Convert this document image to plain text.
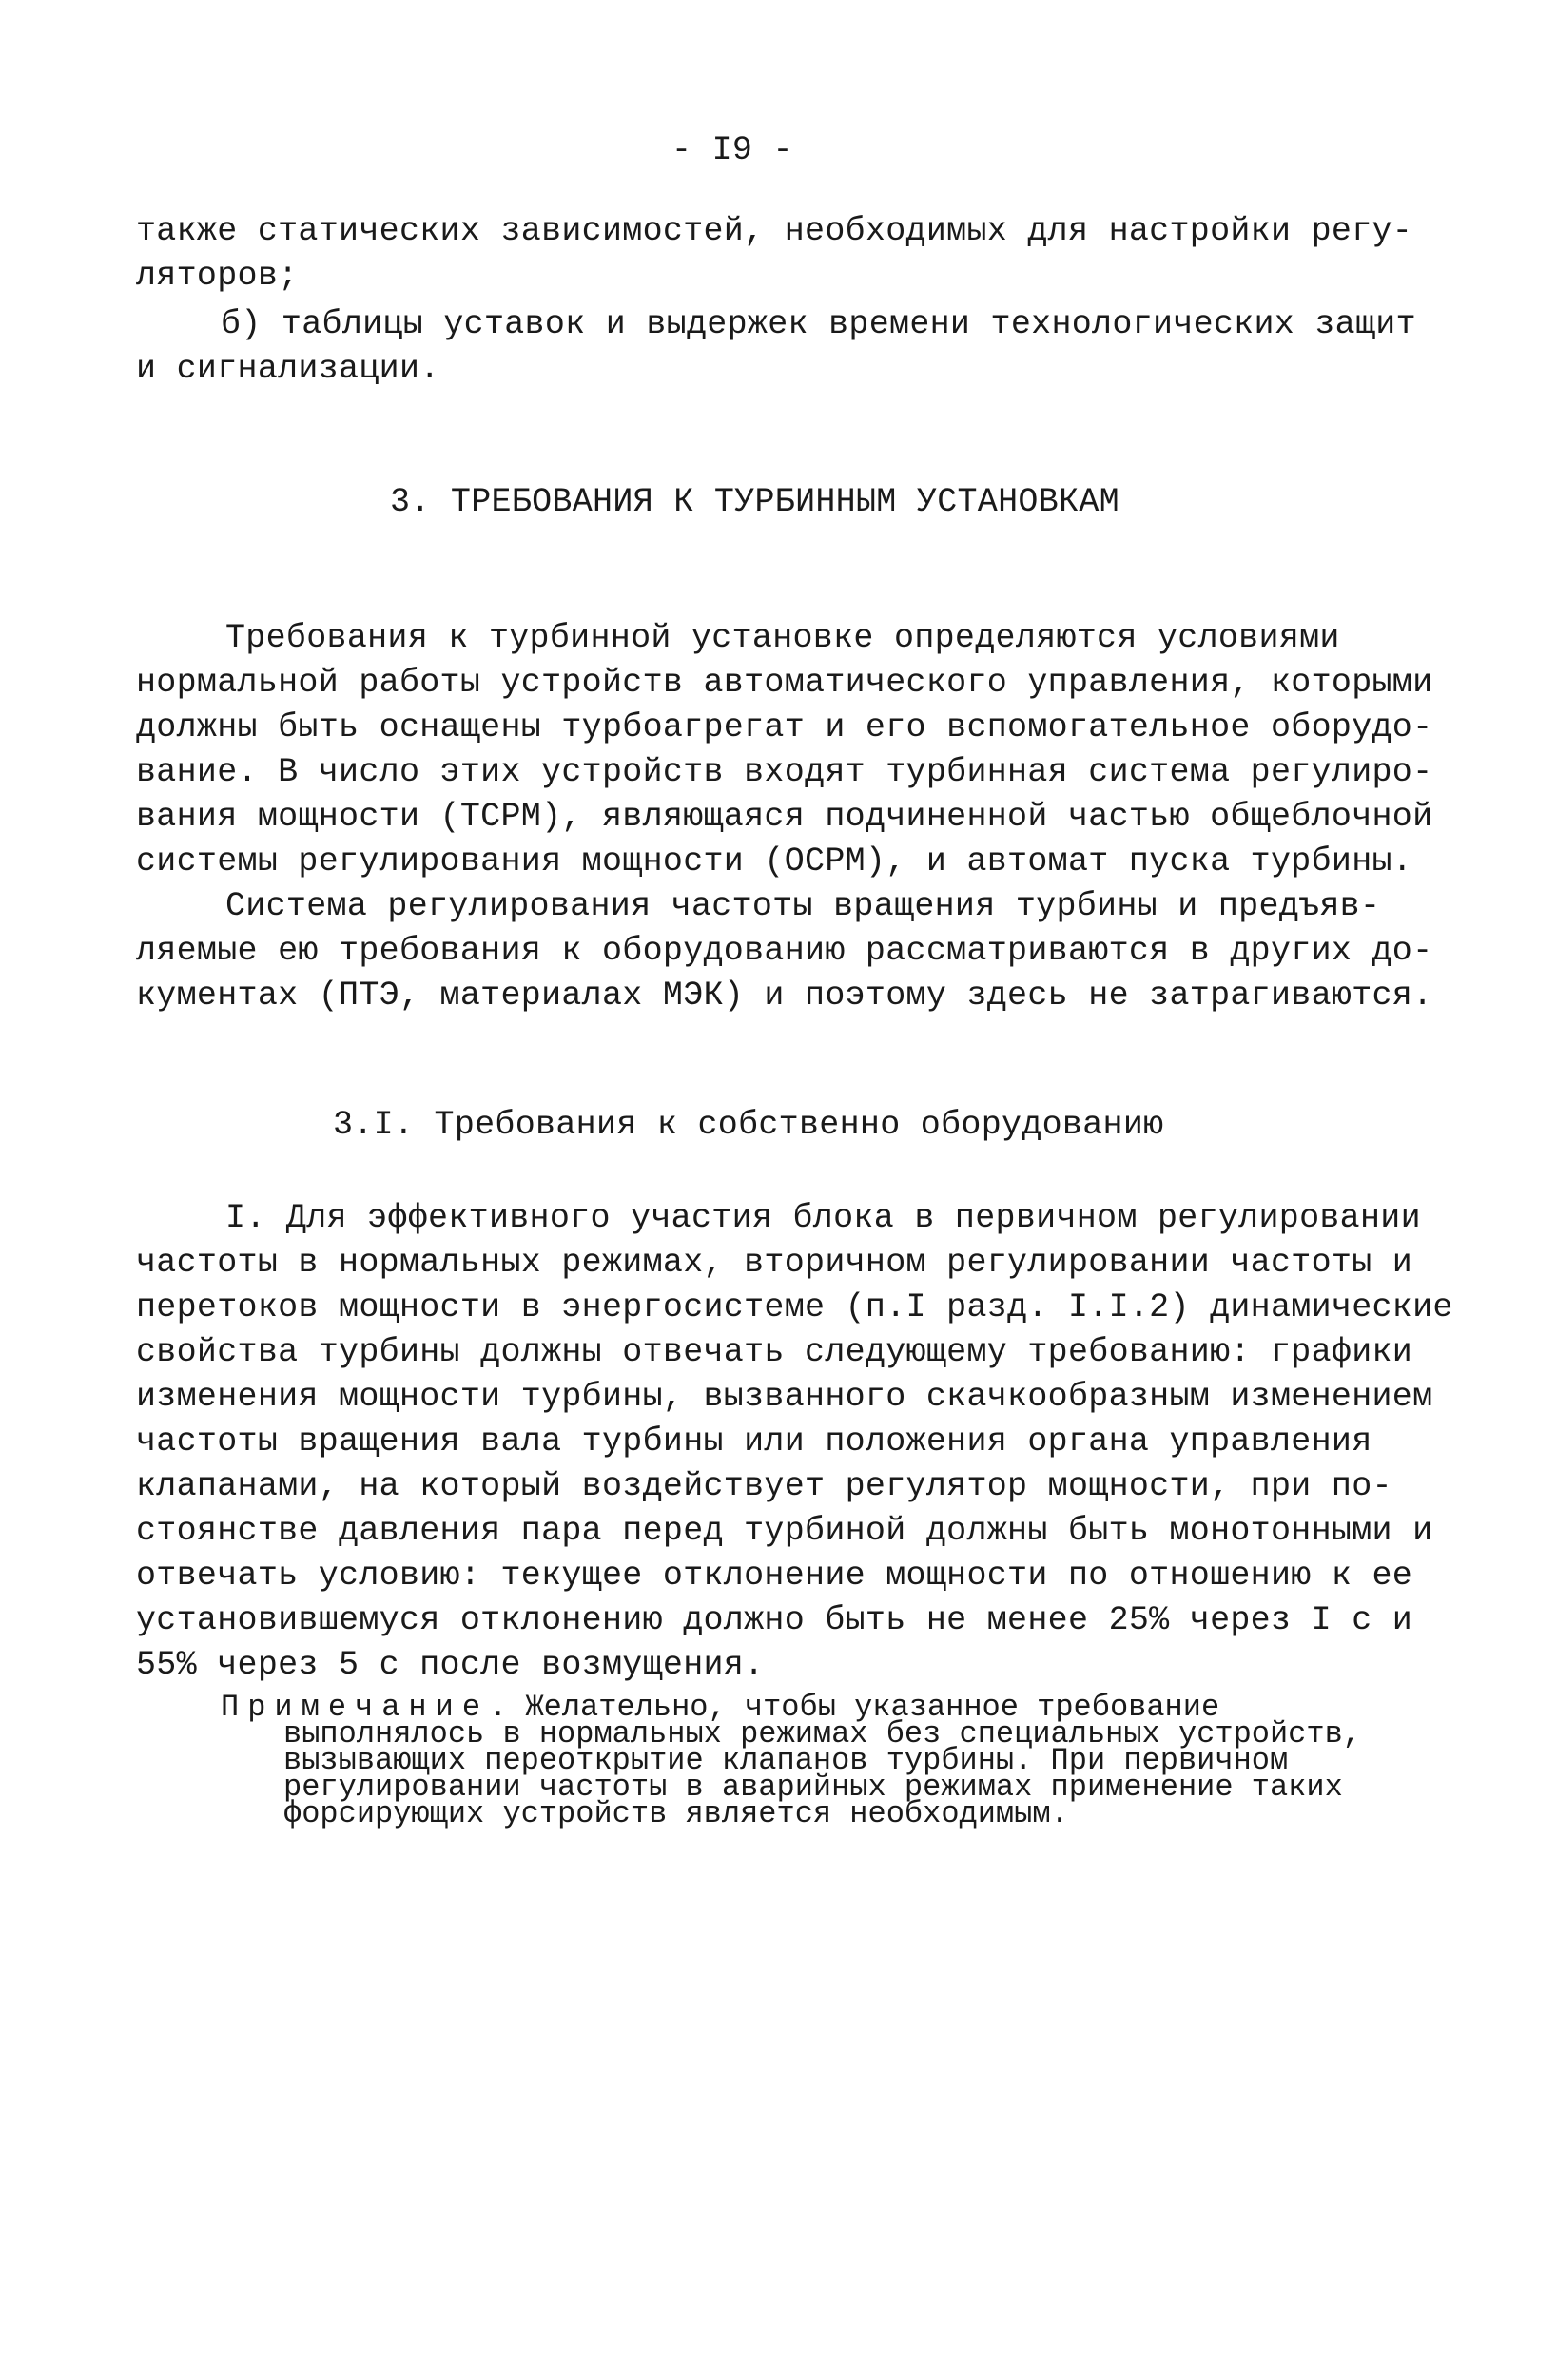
- I9 -
также статических зависимостей, необходимых для настройки регу-
ляторов;
б) таблицы уставок и выдержек времени технологических защит
и сигнализации.
3. ТРЕБОВАНИЯ К ТУРБИННЫМ УСТАНОВКАМ
Требования к турбинной установке определяются условиями
нормальной работы устройств автоматического управления, которыми
должны быть оснащены турбоагрегат и его вспомогательное оборудо-
вание. В число этих устройств входят турбинная система регулиро-
вания мощности (ТСРМ), являющаяся подчиненной частью общеблочной
системы регулирования мощности (ОСРМ), и автомат пуска турбины.
Система регулирования частоты вращения турбины и предъяв-
ляемые ею требования к оборудованию рассматриваются в других до-
кументах (ПТЭ, материалах МЭК) и поэтому здесь не затрагиваются.
3.I. Требования к собственно оборудованию
I. Для эффективного участия блока в первичном регулировании
частоты в нормальных режимах, вторичном регулировании частоты и
перетоков мощности в энергосистеме (п.I разд. I.I.2) динамические
свойства турбины должны отвечать следующему требованию: графики
изменения мощности турбины, вызванного скачкообразным изменением
частоты вращения вала турбины или положения органа управления
клапанами, на который воздействует регулятор мощности, при по-
стоянстве давления пара перед турбиной должны быть монотонными и
отвечать условию: текущее отклонение мощности по отношению к ее
установившемуся отклонению должно быть не менее 25% через I с и
55% через 5 с после возмущения.
Примечание. Желательно, чтобы указанное требование
выполнялось в нормальных режимах без специальных устройств,
вызывающих переоткрытие клапанов турбины. При первичном
регулировании частоты в аварийных режимах применение таких
форсирующих устройств является необходимым.
